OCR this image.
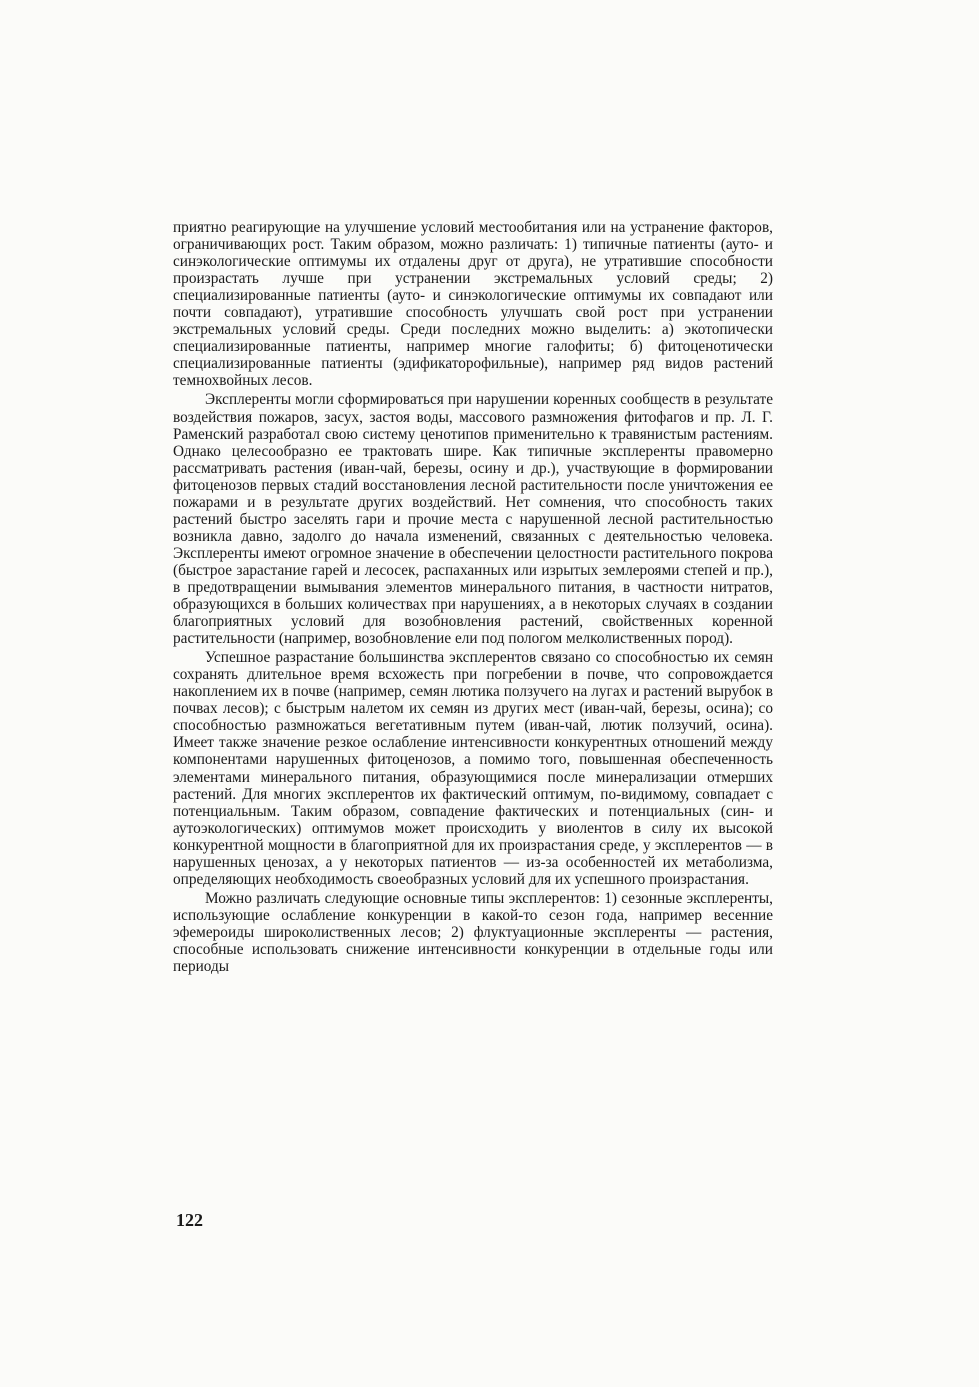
приятно реагирующие на улучшение условий местообитания или на устранение факторов, ограничивающих рост. Таким образом, можно различать: 1) типичные патиенты (ауто- и синэкологические оптимумы их отдалены друг от друга), не утратившие способности произрастать лучше при устранении экстремальных условий среды; 2) специализированные патиенты (ауто- и синэкологические оптимумы их совпадают или почти совпадают), утратившие способность улучшать свой рост при устранении экстремальных условий среды. Среди последних можно выделить: а) экотопически специализированные патиенты, например многие галофиты; б) фитоценотически специализированные патиенты (эдификаторофильные), например ряд видов растений темнохвойных лесов.

Эксплеренты могли сформироваться при нарушении коренных сообществ в результате воздействия пожаров, засух, застоя воды, массового размножения фитофагов и пр. Л. Г. Раменский разработал свою систему ценотипов применительно к травянистым растениям. Однако целесообразно ее трактовать шире. Как типичные эксплеренты правомерно рассматривать растения (иван-чай, березы, осину и др.), участвующие в формировании фитоценозов первых стадий восстановления лесной растительности после уничтожения ее пожарами и в результате других воздействий. Нет сомнения, что способность таких растений быстро заселять гари и прочие места с нарушенной лесной растительностью возникла давно, задолго до начала изменений, связанных с деятельностью человека. Эксплеренты имеют огромное значение в обеспечении целостности растительного покрова (быстрое зарастание гарей и лесосек, распаханных или изрытых землероями степей и пр.), в предотвращении вымывания элементов минерального питания, в частности нитратов, образующихся в больших количествах при нарушениях, а в некоторых случаях в создании благоприятных условий для возобновления растений, свойственных коренной растительности (например, возобновление ели под пологом мелколиственных пород).

Успешное разрастание большинства эксплерентов связано со способностью их семян сохранять длительное время всхожесть при погребении в почве, что сопровождается накоплением их в почве (например, семян лютика ползучего на лугах и растений вырубок в почвах лесов); с быстрым налетом их семян из других мест (иван-чай, березы, осина); со способностью размножаться вегетативным путем (иван-чай, лютик ползучий, осина). Имеет также значение резкое ослабление интенсивности конкурентных отношений между компонентами нарушенных фитоценозов, а помимо того, повышенная обеспеченность элементами минерального питания, образующимися после минерализации отмерших растений. Для многих эксплерентов их фактический оптимум, по-видимому, совпадает с потенциальным. Таким образом, совпадение фактических и потенциальных (син- и аутоэкологических) оптимумов может происходить у виолентов в силу их высокой конкурентной мощности в благоприятной для их произрастания среде, у эксплерентов — в нарушенных ценозах, а у некоторых патиентов — из-за особенностей их метаболизма, определяющих необходимость своеобразных условий для их успешного произрастания.

Можно различать следующие основные типы эксплерентов: 1) сезонные эксплеренты, использующие ослабление конкуренции в какой-то сезон года, например весенние эфемероиды широколиственных лесов; 2) флуктуационные эксплеренты — растения, способные использовать снижение интенсивности конкуренции в отдельные годы или периоды

122
